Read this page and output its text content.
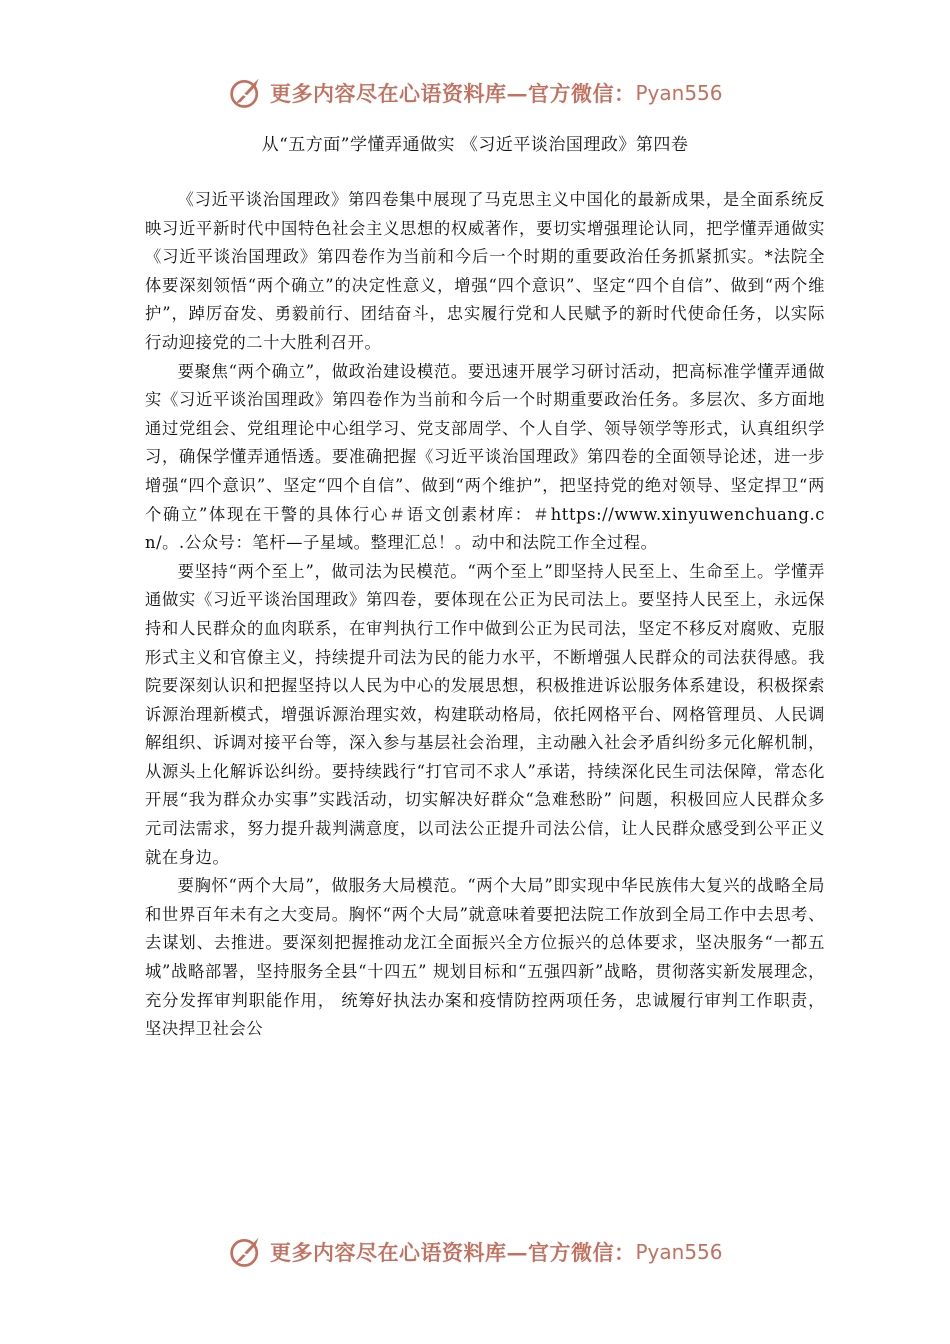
更多内容尽在心语资料库—官方微信： Pyan556
从“五方面”学懂弄通做实 《习近平谈治国理政》第四卷

《习近平谈治国理政》第四卷集中展现了马克思主义中国化的最新成果，是全面系统反映习近平新时代中国特色社会主义思想的权威著作，要切实增强理论认同，把学懂弄通做实《习近平谈治国理政》第四卷作为当前和今后一个时期的重要政治任务抓紧抓实。*法院全体要深刻领悟“两个确立”的决定性意义，增强“四个意识”、坚定“四个自信”、做到“两个维护”，踔厉奋发、勇毅前行、团结奋斗，忠实履行党和人民赋予的新时代使命任务，以实际行动迎接党的二十大胜利召开。

要聚焦“两个确立”，做政治建设模范。要迅速开展学习研讨活动，把高标准学懂弄通做实《习近平谈治国理政》第四卷作为当前和今后一个时期重要政治任务。多层次、多方面地通过党组会、党组理论中心组学习、党支部周学、个人自学、领导领学等形式，认真组织学习，确保学懂弄通悟透。要准确把握《习近平谈治国理政》第四卷的全面领导论述，进一步增强“四个意识”、坚定“四个自信”、做到“两个维护”，把坚持党的绝对领导、坚定捍卫“两个确立”体现在干警的具体行心＃语文创素材库：＃https://www.xinyuwenchuang.cn/。.公众号：笔杆—子星域。整理汇总！。动中和法院工作全过程。

要坚持“两个至上”，做司法为民模范。“两个至上”即坚持人民至上、生命至上。学懂弄通做实《习近平谈治国理政》第四卷，要体现在公正为民司法上。要坚持人民至上，永远保持和人民群众的血肉联系，在审判执行工作中做到公正为民司法，坚定不移反对腐败、克服形式主义和官僚主义，持续提升司法为民的能力水平，不断增强人民群众的司法获得感。我院要深刻认识和把握坚持以人民为中心的发展思想，积极推进诉讼服务体系建设，积极探索诉源治理新模式，增强诉源治理实效，构建联动格局，依托网格平台、网格管理员、人民调解组织、诉调对接平台等，深入参与基层社会治理，主动融入社会矛盾纠纷多元化解机制， 从源头上化解诉讼纠纷。要持续践行“打官司不求人”承诺，持续深化民生司法保障，常态化开展“我为群众办实事”实践活动，切实解决好群众“急难愁盼” 问题，积极回应人民群众多元司法需求，努力提升裁判满意度，以司法公正提升司法公信，让人民群众感受到公平正义就在身边。

要胸怀“两个大局”，做服务大局模范。“两个大局”即实现中华民族伟大复兴的战略全局和世界百年未有之大变局。胸怀“两个大局”就意味着要把法院工作放到全局工作中去思考、去谋划、去推进。要深刻把握推动龙江全面振兴全方位振兴的总体要求，坚决服务“一都五城”战略部署，坚持服务全县“十四五” 规划目标和“五强四新”战略，贯彻落实新发展理念，充分发挥审判职能作用， 统筹好执法办案和疫情防控两项任务，忠诚履行审判工作职责，坚决捍卫社会公

更多内容尽在心语资料库—官方微信： Pyan556
